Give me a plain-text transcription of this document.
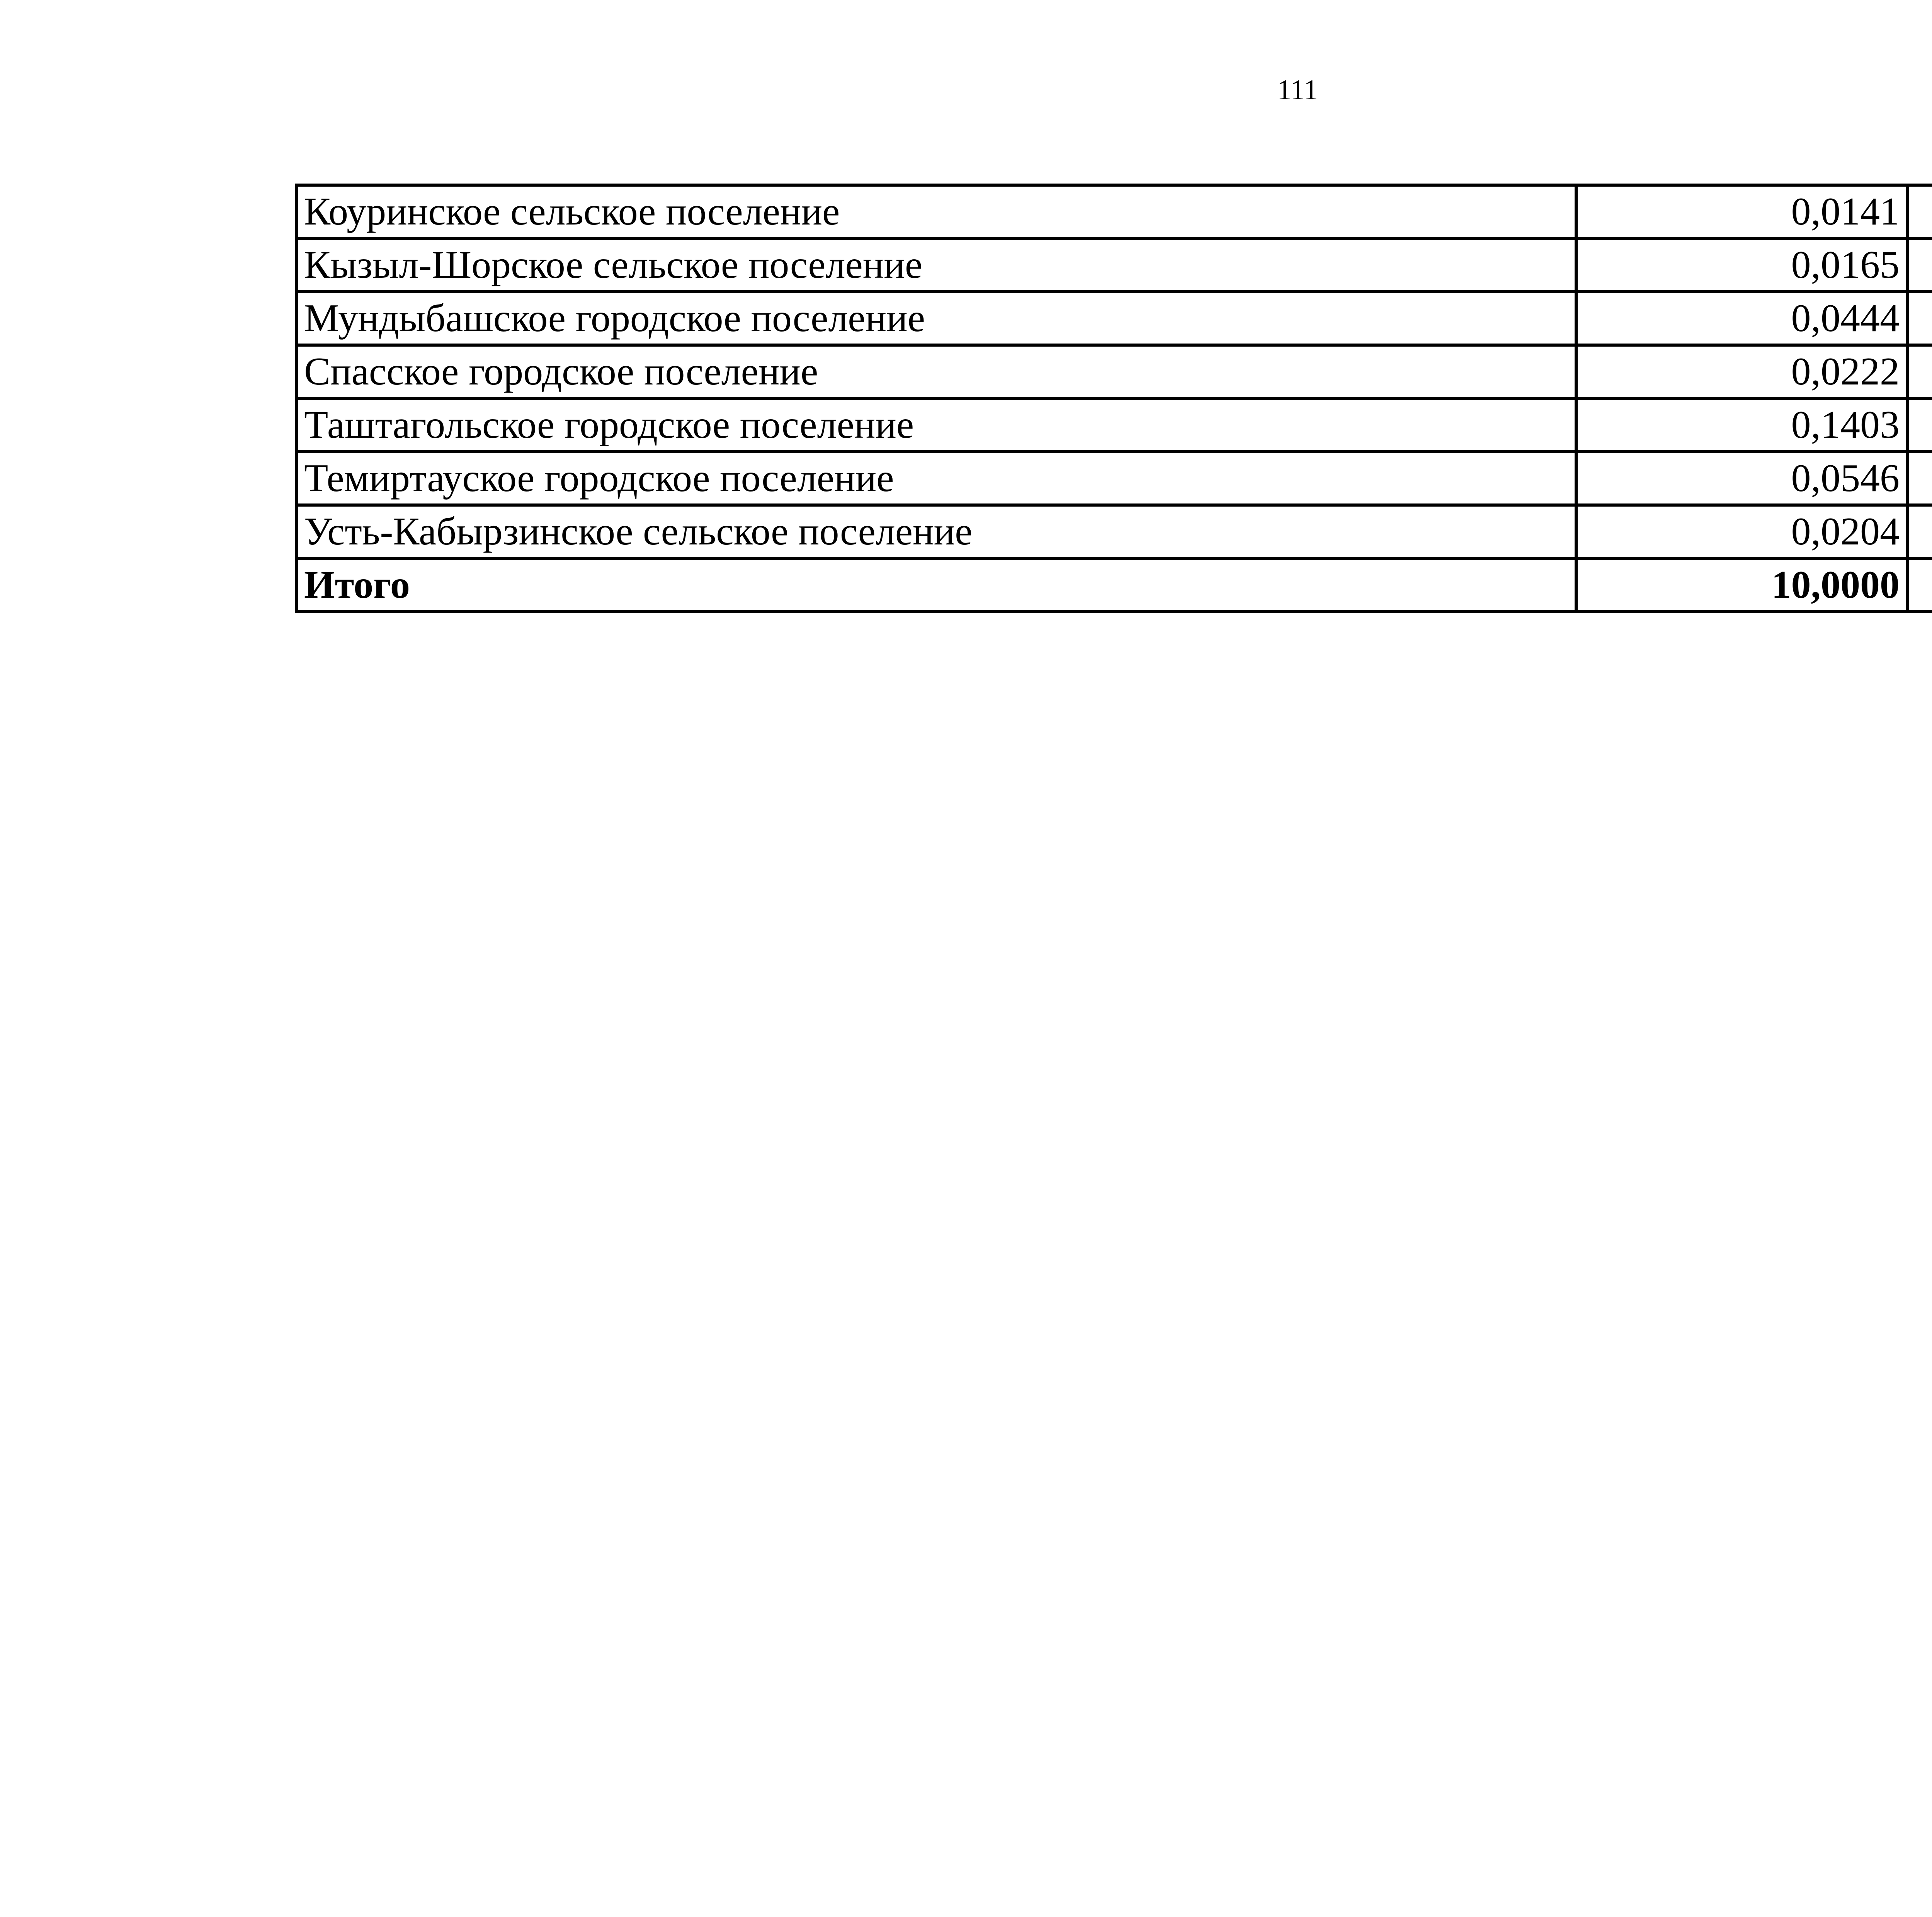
111
Коуринское сельское поселение	0,0141		
Кызыл-Шорское сельское поселение	0,0165		
Мундыбашское городское поселение	0,0444		
Спасское городское поселение	0,0222		
Таштагольское городское поселение	0,1403		
Темиртауское городское поселение	0,0546		
Усть-Кабырзинское сельское поселение	0,0204		
Итого	10,0000		
